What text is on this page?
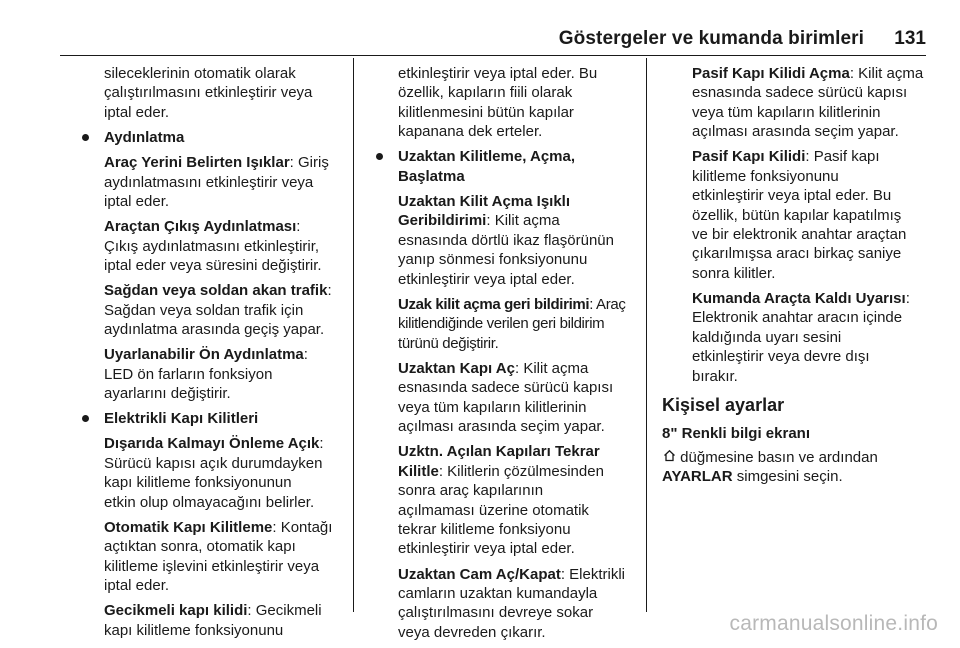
Göstergeler ve kumanda birimleri 131

sileceklerinin otomatik olarak
çalıştırılmasını etkinleştirir veya
iptal eder.

Aydınlatma

Araç Yerini Belirten Işıklar: Giriş
aydınlatmasını etkinleştirir veya
iptal eder.

Araçtan Çıkış Aydınlatması:
Çıkış aydınlatmasını etkinleştirir,
iptal eder veya süresini değiştirir.

Sağdan veya soldan akan trafik:
Sağdan veya soldan trafik için
aydınlatma arasında geçiş yapar.

Uyarlanabilir Ön Aydınlatma:
LED ön farların fonksiyon
ayarlarını değiştirir.

Elektrikli Kapı Kilitleri

Dışarıda Kalmayı Önleme Açık:
Sürücü kapısı açık durumdayken
kapı kilitleme fonksiyonunun
etkin olup olmayacağını belirler.

Otomatik Kapı Kilitleme: Kontağı
açtıktan sonra, otomatik kapı
kilitleme işlevini etkinleştirir veya
iptal eder.

Gecikmeli kapı kilidi: Gecikmeli
kapı kilitleme fonksiyonunu

etkinleştirir veya iptal eder. Bu
özellik, kapıların fiili olarak
kilitlenmesini bütün kapılar
kapanana dek erteler.

Uzaktan Kilitleme, Açma,
Başlatma

Uzaktan Kilit Açma Işıklı
Geribildirimi: Kilit açma
esnasında dörtlü ikaz flaşörünün
yanıp sönmesi fonksiyonunu
etkinleştirir veya iptal eder.

Uzak kilit açma geri bildirimi: Araç
kilitlendiğinde verilen geri bildirim
türünü değiştirir.

Uzaktan Kapı Aç: Kilit açma
esnasında sadece sürücü kapısı
veya tüm kapıların kilitlerinin
açılması arasında seçim yapar.

Uzktn. Açılan Kapıları Tekrar
Kilitle: Kilitlerin çözülmesinden
sonra araç kapılarının
açılmaması üzerine otomatik
tekrar kilitleme fonksiyonu
etkinleştirir veya iptal eder.

Uzaktan Cam Aç/Kapat: Elektrikli
camların uzaktan kumandayla
çalıştırılmasını devreye sokar
veya devreden çıkarır.

Pasif Kapı Kilidi Açma: Kilit açma
esnasında sadece sürücü kapısı
veya tüm kapıların kilitlerinin
açılması arasında seçim yapar.

Pasif Kapı Kilidi: Pasif kapı
kilitleme fonksiyonunu
etkinleştirir veya iptal eder. Bu
özellik, bütün kapılar kapatılmış
ve bir elektronik anahtar araçtan
çıkarılmışsa aracı birkaç saniye
sonra kilitler.

Kumanda Araçta Kaldı Uyarısı:
Elektronik anahtar aracın içinde
kaldığında uyarı sesini
etkinleştirir veya devre dışı
bırakır.

Kişisel ayarlar

8" Renkli bilgi ekranı

düğmesine basın ve ardından
AYARLAR simgesini seçin.

carmanualsonline.info
